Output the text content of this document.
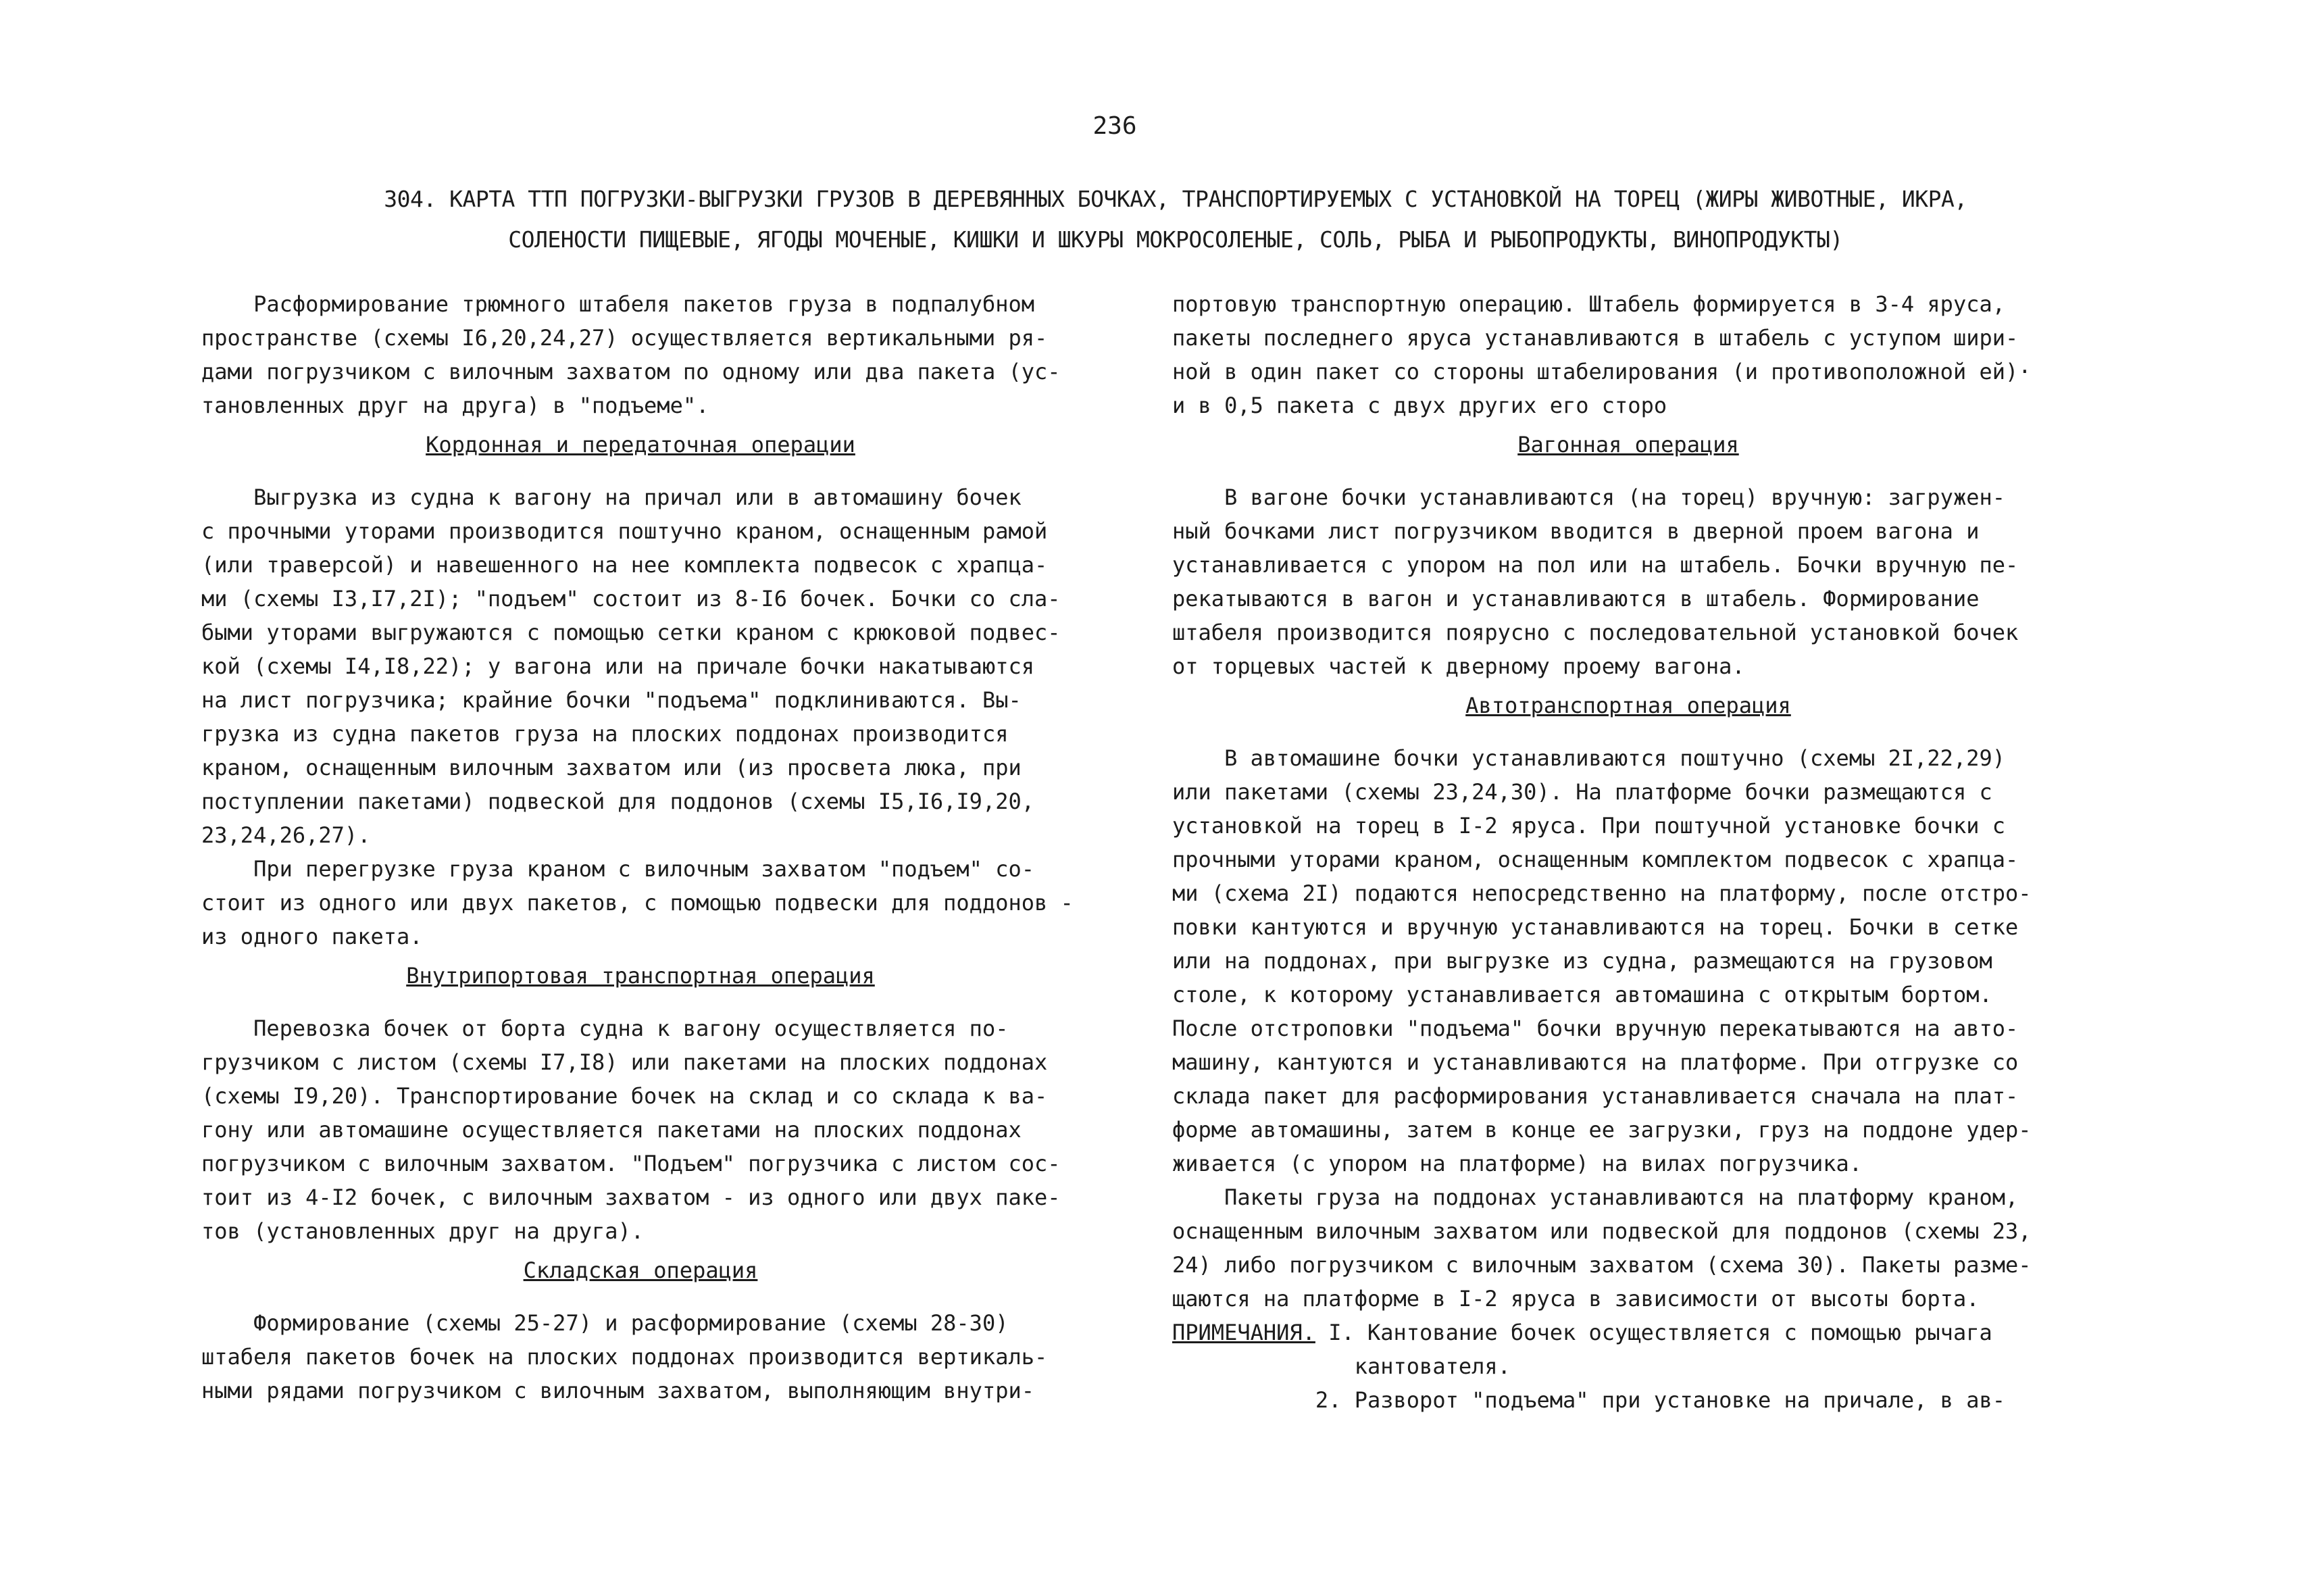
236
304. КАРТА ТТП ПОГРУЗКИ-ВЫГРУЗКИ ГРУЗОВ В ДЕРЕВЯННЫХ БОЧКАХ, ТРАНСПОРТИРУЕМЫХ С УСТАНОВКОЙ НА ТОРЕЦ (ЖИРЫ ЖИВОТНЫЕ, ИКРА,
СОЛЕНОСТИ ПИЩЕВЫЕ, ЯГОДЫ МОЧЕНЫЕ, КИШКИ И ШКУРЫ МОКРОСОЛЕНЫЕ, СОЛЬ, РЫБА И РЫБОПРОДУКТЫ, ВИНОПРОДУКТЫ)

Расформирование трюмного штабеля пакетов груза в подпалубном

пространстве (схемы I6,20,24,27) осуществляется вертикальными ря-

дами погрузчиком с вилочным захватом по одному или два пакета (ус-

тановленных друг на друга) в "подъеме".

Кордонная и передаточная операции

Выгрузка из судна к вагону на причал или в автомашину бочек

с прочными уторами производится поштучно краном, оснащенным рамой

(или траверсой) и навешенного на нее комплекта подвесок с храпца-

ми (схемы I3,I7,2I); "подъем" состоит из 8-I6 бочек. Бочки со сла-

быми уторами выгружаются с помощью сетки краном с крюковой подвес-

кой (схемы I4,I8,22); у вагона или на причале бочки накатываются

на лист погрузчика; крайние бочки "подъема" подклиниваются. Вы-

грузка из судна пакетов груза на плоских поддонах производится

краном, оснащенным вилочным захватом или (из просвета люка, при

поступлении пакетами) подвеской для поддонов (схемы I5,I6,I9,20,

23,24,26,27).

При перегрузке груза краном с вилочным захватом "подъем" со-

стоит из одного или двух пакетов, с помощью подвески для поддонов -

из одного пакета.

Внутрипортовая транспортная операция

Перевозка бочек от борта судна к вагону осуществляется по-

грузчиком с листом (схемы I7,I8) или пакетами на плоских поддонах

(схемы I9,20). Транспортирование бочек на склад и со склада к ва-

гону или автомашине осуществляется пакетами на плоских поддонах

погрузчиком с вилочным захватом. "Подъем" погрузчика с листом сос-

тоит из 4-I2 бочек, с вилочным захватом - из одного или двух паке-

тов (установленных друг на друга).

Складская операция

Формирование (схемы 25-27) и расформирование (схемы 28-30)

штабеля пакетов бочек на плоских поддонах производится вертикаль-

ными рядами погрузчиком с вилочным захватом, выполняющим внутри-

портовую транспортную операцию. Штабель формируется в 3-4 яруса,

пакеты последнего яруса устанавливаются в штабель с уступом шири-

ной в один пакет со стороны штабелирования (и противоположной ей)·

и в 0,5 пакета с двух других его сторо

Вагонная операция

В вагоне бочки устанавливаются (на торец) вручную: загружен-

ный бочками лист погрузчиком вводится в дверной проем вагона и

устанавливается с упором на пол или на штабель. Бочки вручную пе-

рекатываются в вагон и устанавливаются в штабель. Формирование

штабеля производится поярусно с последовательной установкой бочек

от торцевых частей к дверному проему вагона.

Автотранспортная операция

В автомашине бочки устанавливаются поштучно (схемы 2I,22,29)

или пакетами (схемы 23,24,30). На платформе бочки размещаются с

установкой на торец в I-2 яруса. При поштучной установке бочки с

прочными уторами краном, оснащенным комплектом подвесок с храпца-

ми (схема 2I) подаются непосредственно на платформу, после отстро-

повки кантуются и вручную устанавливаются на торец. Бочки в сетке

или на поддонах, при выгрузке из судна, размещаются на грузовом

столе, к которому устанавливается автомашина с открытым бортом.

После отстроповки "подъема" бочки вручную перекатываются на авто-

машину, кантуются и устанавливаются на платформе. При отгрузке со

склада пакет для расформирования устанавливается сначала на плат-

форме автомашины, затем в конце ее загрузки, груз на поддоне удер-

живается (с упором на платформе) на вилах погрузчика.

Пакеты груза на поддонах устанавливаются на платформу краном,

оснащенным вилочным захватом или подвеской для поддонов (схемы 23,

24) либо погрузчиком с вилочным захватом (схема 30). Пакеты разме-

щаются на платформе в I-2 яруса в зависимости от высоты борта.

ПРИМЕЧАНИЯ. I. Кантование бочек осуществляется с помощью рычага

кантователя.

2. Разворот "подъема" при установке на причале, в ав-
